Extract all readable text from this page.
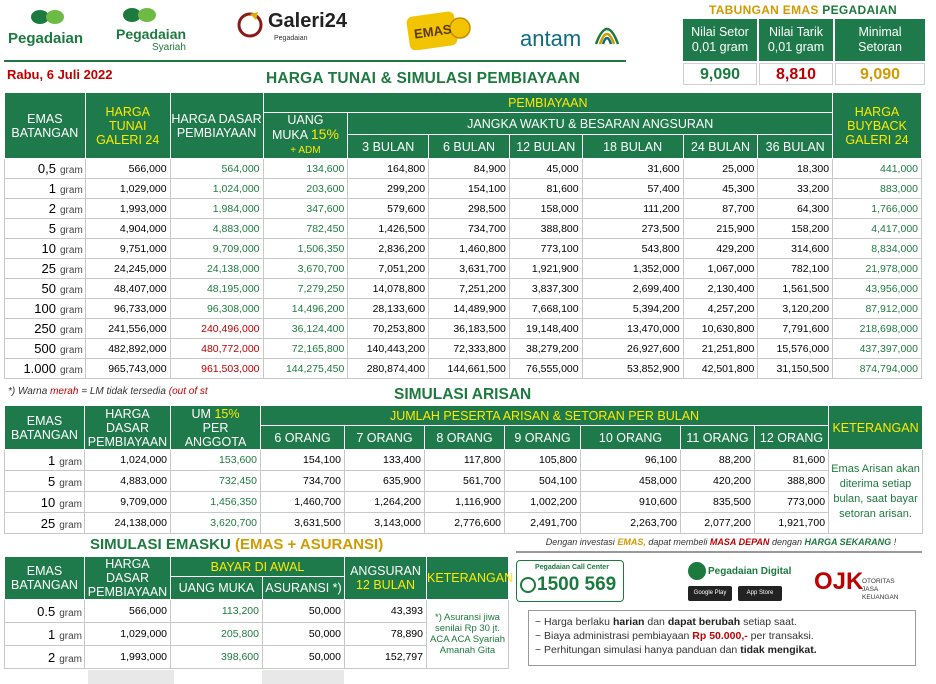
Pegadaian Pegadaian
Syariah
Galeri24
Pegadaian	EMAS	antam
TABUNGAN EMAS PEGADAIAN
Nilai Setor
0,01 gram
Nilai Tarik
0,01 gram
Minimal
Setoran
9,090	8,810	9,090
Rabu, 6 Juli 2022	HARGA TUNAI & SIMULASI PEMBIAYAAN
EMAS BATANGAN	HARGA TUNAI GALERI 24	HARGA DASAR PEMBIAYAAN	PEMBIAYAAN							HARGA BUYBACK GALERI 24
			UANG
MUKA 15%
+ ADM	JANGKA WAKTU & BESARAN ANGSURAN						
				3 BULAN	6 BULAN	12 BULAN	18 BULAN	24 BULAN	36 BULAN	
0,5 gram	566,000	564,000	134,600	164,800	84,900	45,000	31,600	25,000	18,300	441,000
1 gram	1,029,000	1,024,000	203,600	299,200	154,100	81,600	57,400	45,300	33,200	883,000
2 gram	1,993,000	1,984,000	347,600	579,600	298,500	158,000	111,200	87,700	64,300	1,766,000
5 gram	4,904,000	4,883,000	782,450	1,426,500	734,700	388,800	273,500	215,900	158,200	4,417,000
10 gram	9,751,000	9,709,000	1,506,350	2,836,200	1,460,800	773,100	543,800	429,200	314,600	8,834,000
25 gram	24,245,000	24,138,000	3,670,700	7,051,200	3,631,700	1,921,900	1,352,000	1,067,000	782,100	21,978,000
50 gram	48,407,000	48,195,000	7,279,250	14,078,800	7,251,200	3,837,300	2,699,400	2,130,400	1,561,500	43,956,000
100 gram	96,733,000	96,308,000	14,496,200	28,133,600	14,489,900	7,668,100	5,394,200	4,257,200	3,120,200	87,912,000
250 gram	241,556,000	240,496,000	36,124,400	70,253,800	36,183,500	19,148,400	13,470,000	10,630,800	7,791,600	218,698,000
500 gram	482,892,000	480,772,000	72,165,800	140,443,200	72,333,800	38,279,200	26,927,600	21,251,800	15,576,000	437,397,000
1.000 gram	965,743,000	961,503,000	144,275,450	280,874,400	144,661,500	76,555,000	53,852,900	42,501,800	31,150,500	874,794,000
*) Warna merah = LM tidak tersedia (out of st	SIMULASI ARISAN
EMAS BATANGAN	HARGA DASAR PEMBIAYAAN	UM 15%
PER ANGGOTA	JUMLAH PESERTA ARISAN & SETORAN PER BULAN							KETERANGAN
			6 ORANG	7 ORANG	8 ORANG	9 ORANG	10 ORANG	11 ORANG	12 ORANG	
1 gram	1,024,000	153,600	154,100	133,400	117,800	105,800	96,100	88,200	81,600	Emas Arisan akan diterima setiap bulan, saat bayar setoran arisan.
5 gram	4,883,000	732,450	734,700	635,900	561,700	504,100	458,000	420,200	388,800	
10 gram	9,709,000	1,456,350	1,460,700	1,264,200	1,116,900	1,002,200	910,600	835,500	773,000	
25 gram	24,138,000	3,620,700	3,631,500	3,143,000	2,776,600	2,491,700	2,263,700	2,077,200	1,921,700	
SIMULASI EMASKU (EMAS + ASURANSI)
EMAS BATANGAN	HARGA DASAR PEMBIAYAAN	BAYAR DI AWAL		ANGSURAN
12 BULAN	KETERANGAN
		UANG MUKA	ASURANSI *)		
0.5 gram	566,000	113,200	50,000	43,393	*) Asuransi jiwa senilai Rp 30 jt. ACA ACA Syariah Amanah Gita
1 gram	1,029,000	205,800	50,000	78,890	
2 gram	1,993,000	398,600	50,000	152,797	
Dengan investasi EMAS, dapat membeli MASA DEPAN dengan HARGA SEKARANG !
Pegadaian Call Center
1500 569
Pegadaian Digital
Google Play	App Store	OJK
OTORITAS
JASA
KEUANGAN
~ Harga berlaku harian dan dapat berubah setiap saat.
~ Biaya administrasi pembiayaan Rp 50.000,- per transaksi.
~ Perhitungan simulasi hanya panduan dan tidak mengikat.
